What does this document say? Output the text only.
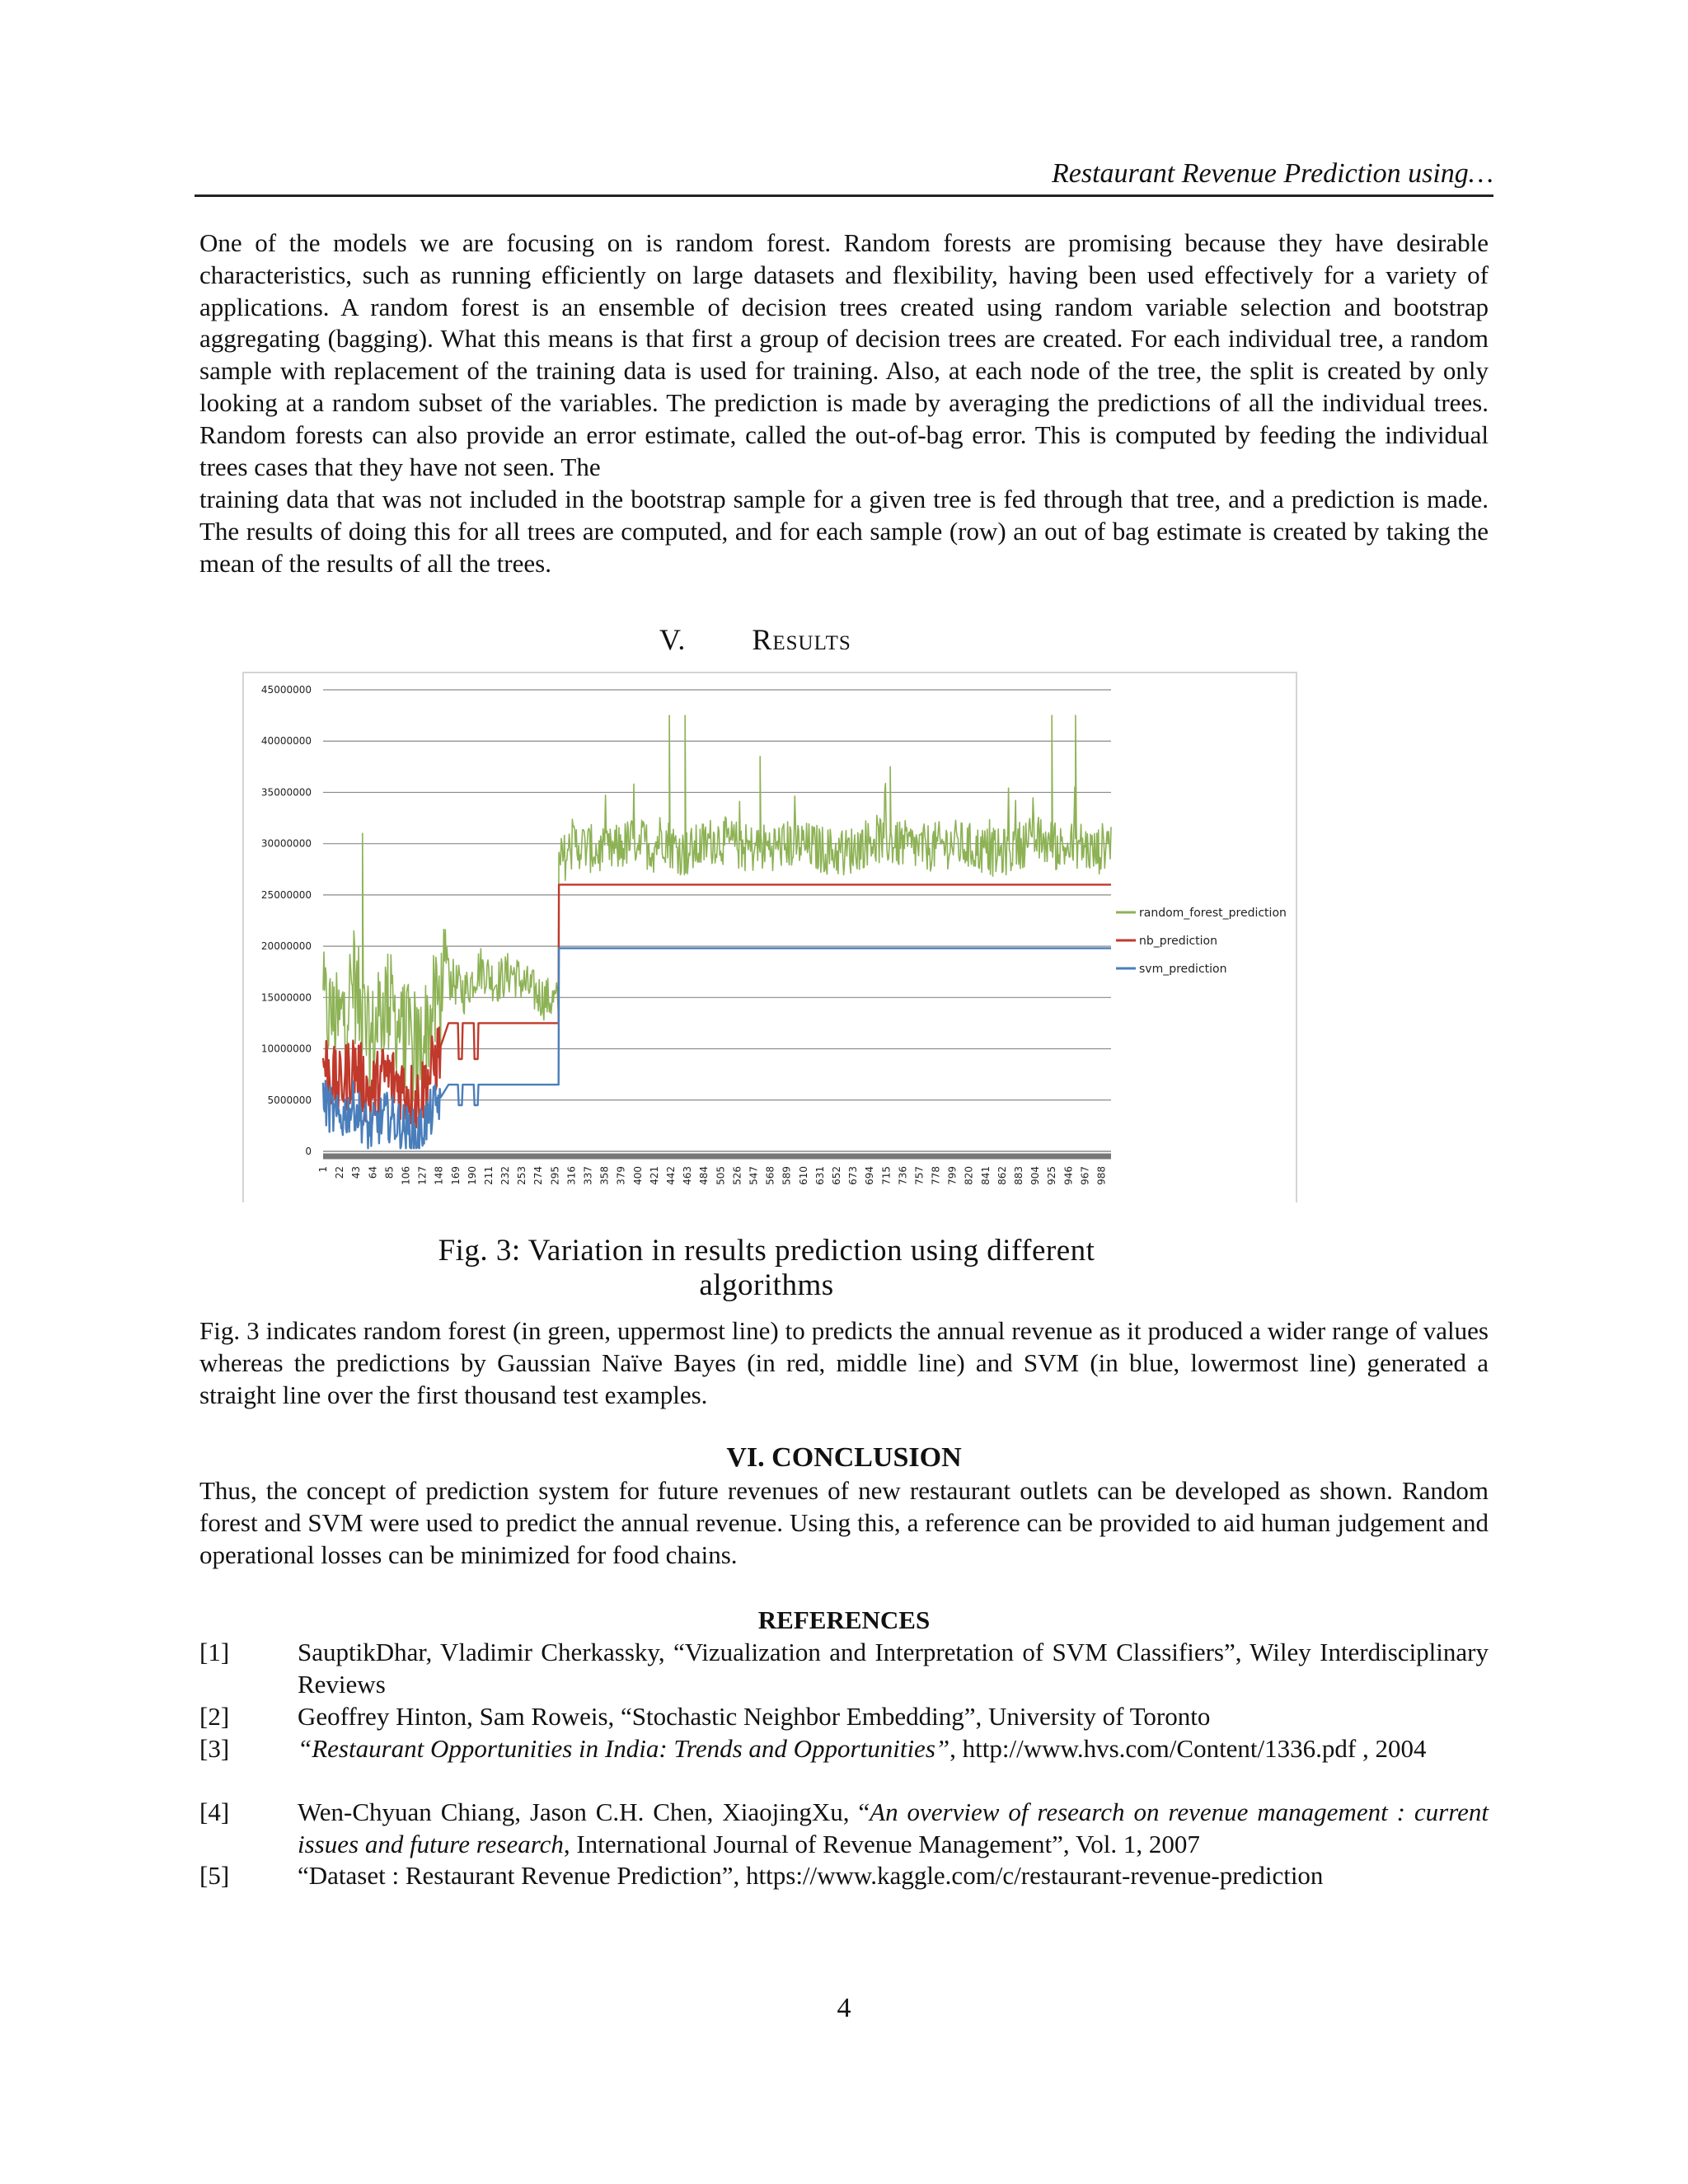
Restaurant Revenue Prediction using…

One of the models we are focusing on is random forest. Random forests are promising because they have desirable characteristics, such as running efficiently on large datasets and flexibility, having been used effectively for a variety of applications. A random forest is an ensemble of decision trees created using random variable selection and bootstrap aggregating (bagging). What this means is that first a group of decision trees are created. For each individual tree, a random sample with replacement of the training data is used for training. Also, at each node of the tree, the split is created by only looking at a random subset of the variables. The prediction is made by averaging the predictions of all the individual trees. Random forests can also provide an error estimate, called the out-of-bag error. This is computed by feeding the individual trees cases that they have not seen. The

training data that was not included in the bootstrap sample for a given tree is fed through that tree, and a prediction is made. The results of doing this for all trees are computed, and for each sample (row) an out of bag estimate is created by taking the mean of the results of all the trees.

V. Results
0
5000000
10000000
15000000
20000000
25000000
30000000
35000000
40000000
45000000
1 22 43 64 85 106 127 148 169 190 211 232 253 274 295 316 337 358 379 400 421 442 463 484 505 526 547 568 589 610 631 652 673 694 715 736 757 778 799 820 841 862 883 904 925 946 967 988
random_forest_prediction
nb_prediction
svm_prediction
Fig. 3: Variation in results prediction using different
algorithms

Fig. 3 indicates random forest (in green, uppermost line) to predicts the annual revenue as it produced a wider range of values whereas the predictions by Gaussian Naïve Bayes (in red, middle line) and SVM (in blue, lowermost line) generated a straight line over the first thousand test examples.

VI. CONCLUSION

Thus, the concept of prediction system for future revenues of new restaurant outlets can be developed as shown. Random forest and SVM were used to predict the annual revenue. Using this, a reference can be provided to aid human judgement and operational losses can be minimized for food chains.

REFERENCES
[1]	SauptikDhar, Vladimir Cherkassky, “Vizualization and Interpretation of SVM Classifiers”, Wiley Interdisciplinary Reviews
[2]	Geoffrey Hinton, Sam Roweis, “Stochastic Neighbor Embedding”, University of Toronto
[3]	“Restaurant Opportunities in India: Trends and Opportunities”, http://www.hvs.com/Content/1336.pdf , 2004
[4]	Wen-Chyuan Chiang, Jason C.H. Chen, XiaojingXu, “An overview of research on revenue management : current issues and future research, International Journal of Revenue Management”, Vol. 1, 2007
[5]	“Dataset : Restaurant Revenue Prediction”, https://www.kaggle.com/c/restaurant-revenue-prediction
4
